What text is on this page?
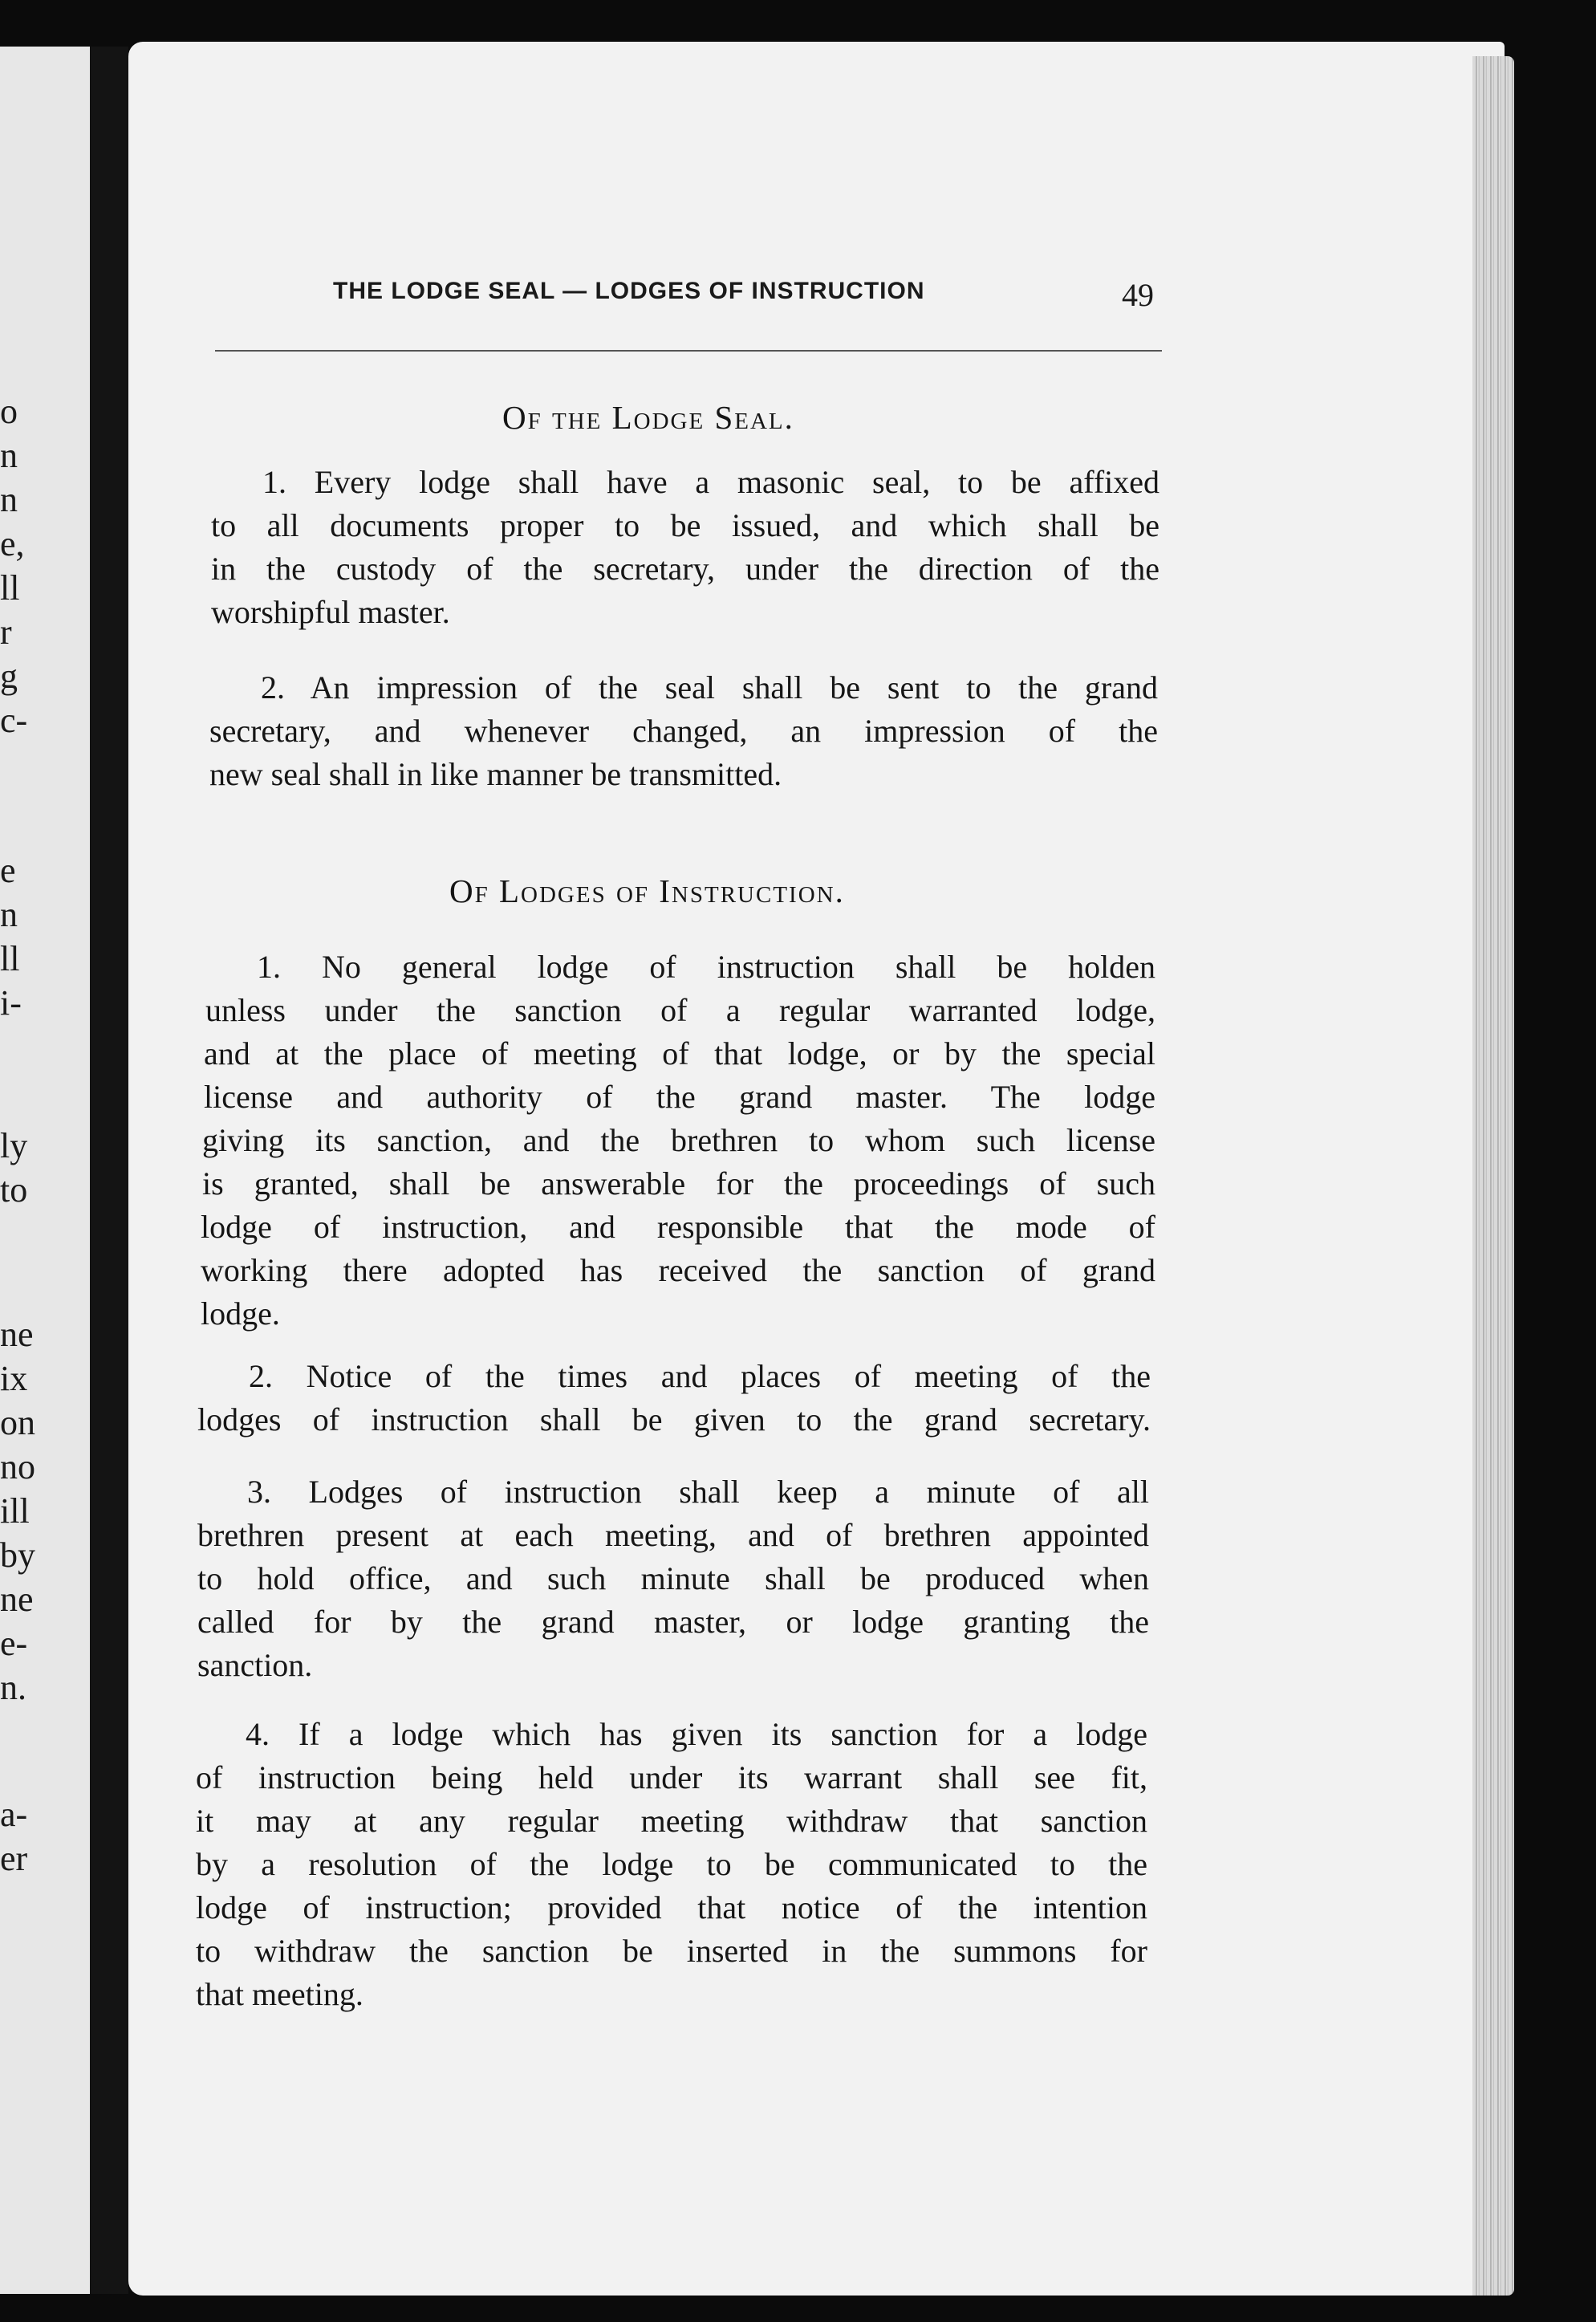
o
n
n
e,
ll
r
g
c-
e
n
ll
i-
ly
to
ne
ix
on
no
ill
by
ne
e-
n.
a-
er
THE LODGE SEAL — LODGES OF INSTRUCTION	49
Of the Lodge Seal.
1. Every lodge shall have a masonic seal, to be affixed
to all documents proper to be issued, and which shall be
in the custody of the secretary, under the direction of the
worshipful master.
2. An impression of the seal shall be sent to the grand
secretary, and whenever changed, an impression of the
new seal shall in like manner be transmitted.
Of Lodges of Instruction.
1. No general lodge of instruction shall be holden
unless under the sanction of a regular warranted lodge,
and at the place of meeting of that lodge, or by the special
license and authority of the grand master. The lodge
giving its sanction, and the brethren to whom such license
is granted, shall be answerable for the proceedings of such
lodge of instruction, and responsible that the mode of
working there adopted has received the sanction of grand
lodge.
2. Notice of the times and places of meeting of the
lodges of instruction shall be given to the grand secretary.
3. Lodges of instruction shall keep a minute of all
brethren present at each meeting, and of brethren appointed
to hold office, and such minute shall be produced when
called for by the grand master, or lodge granting the
sanction.
4. If a lodge which has given its sanction for a lodge
of instruction being held under its warrant shall see fit,
it may at any regular meeting withdraw that sanction
by a resolution of the lodge to be communicated to the
lodge of instruction; provided that notice of the intention
to withdraw the sanction be inserted in the summons for
that meeting.
